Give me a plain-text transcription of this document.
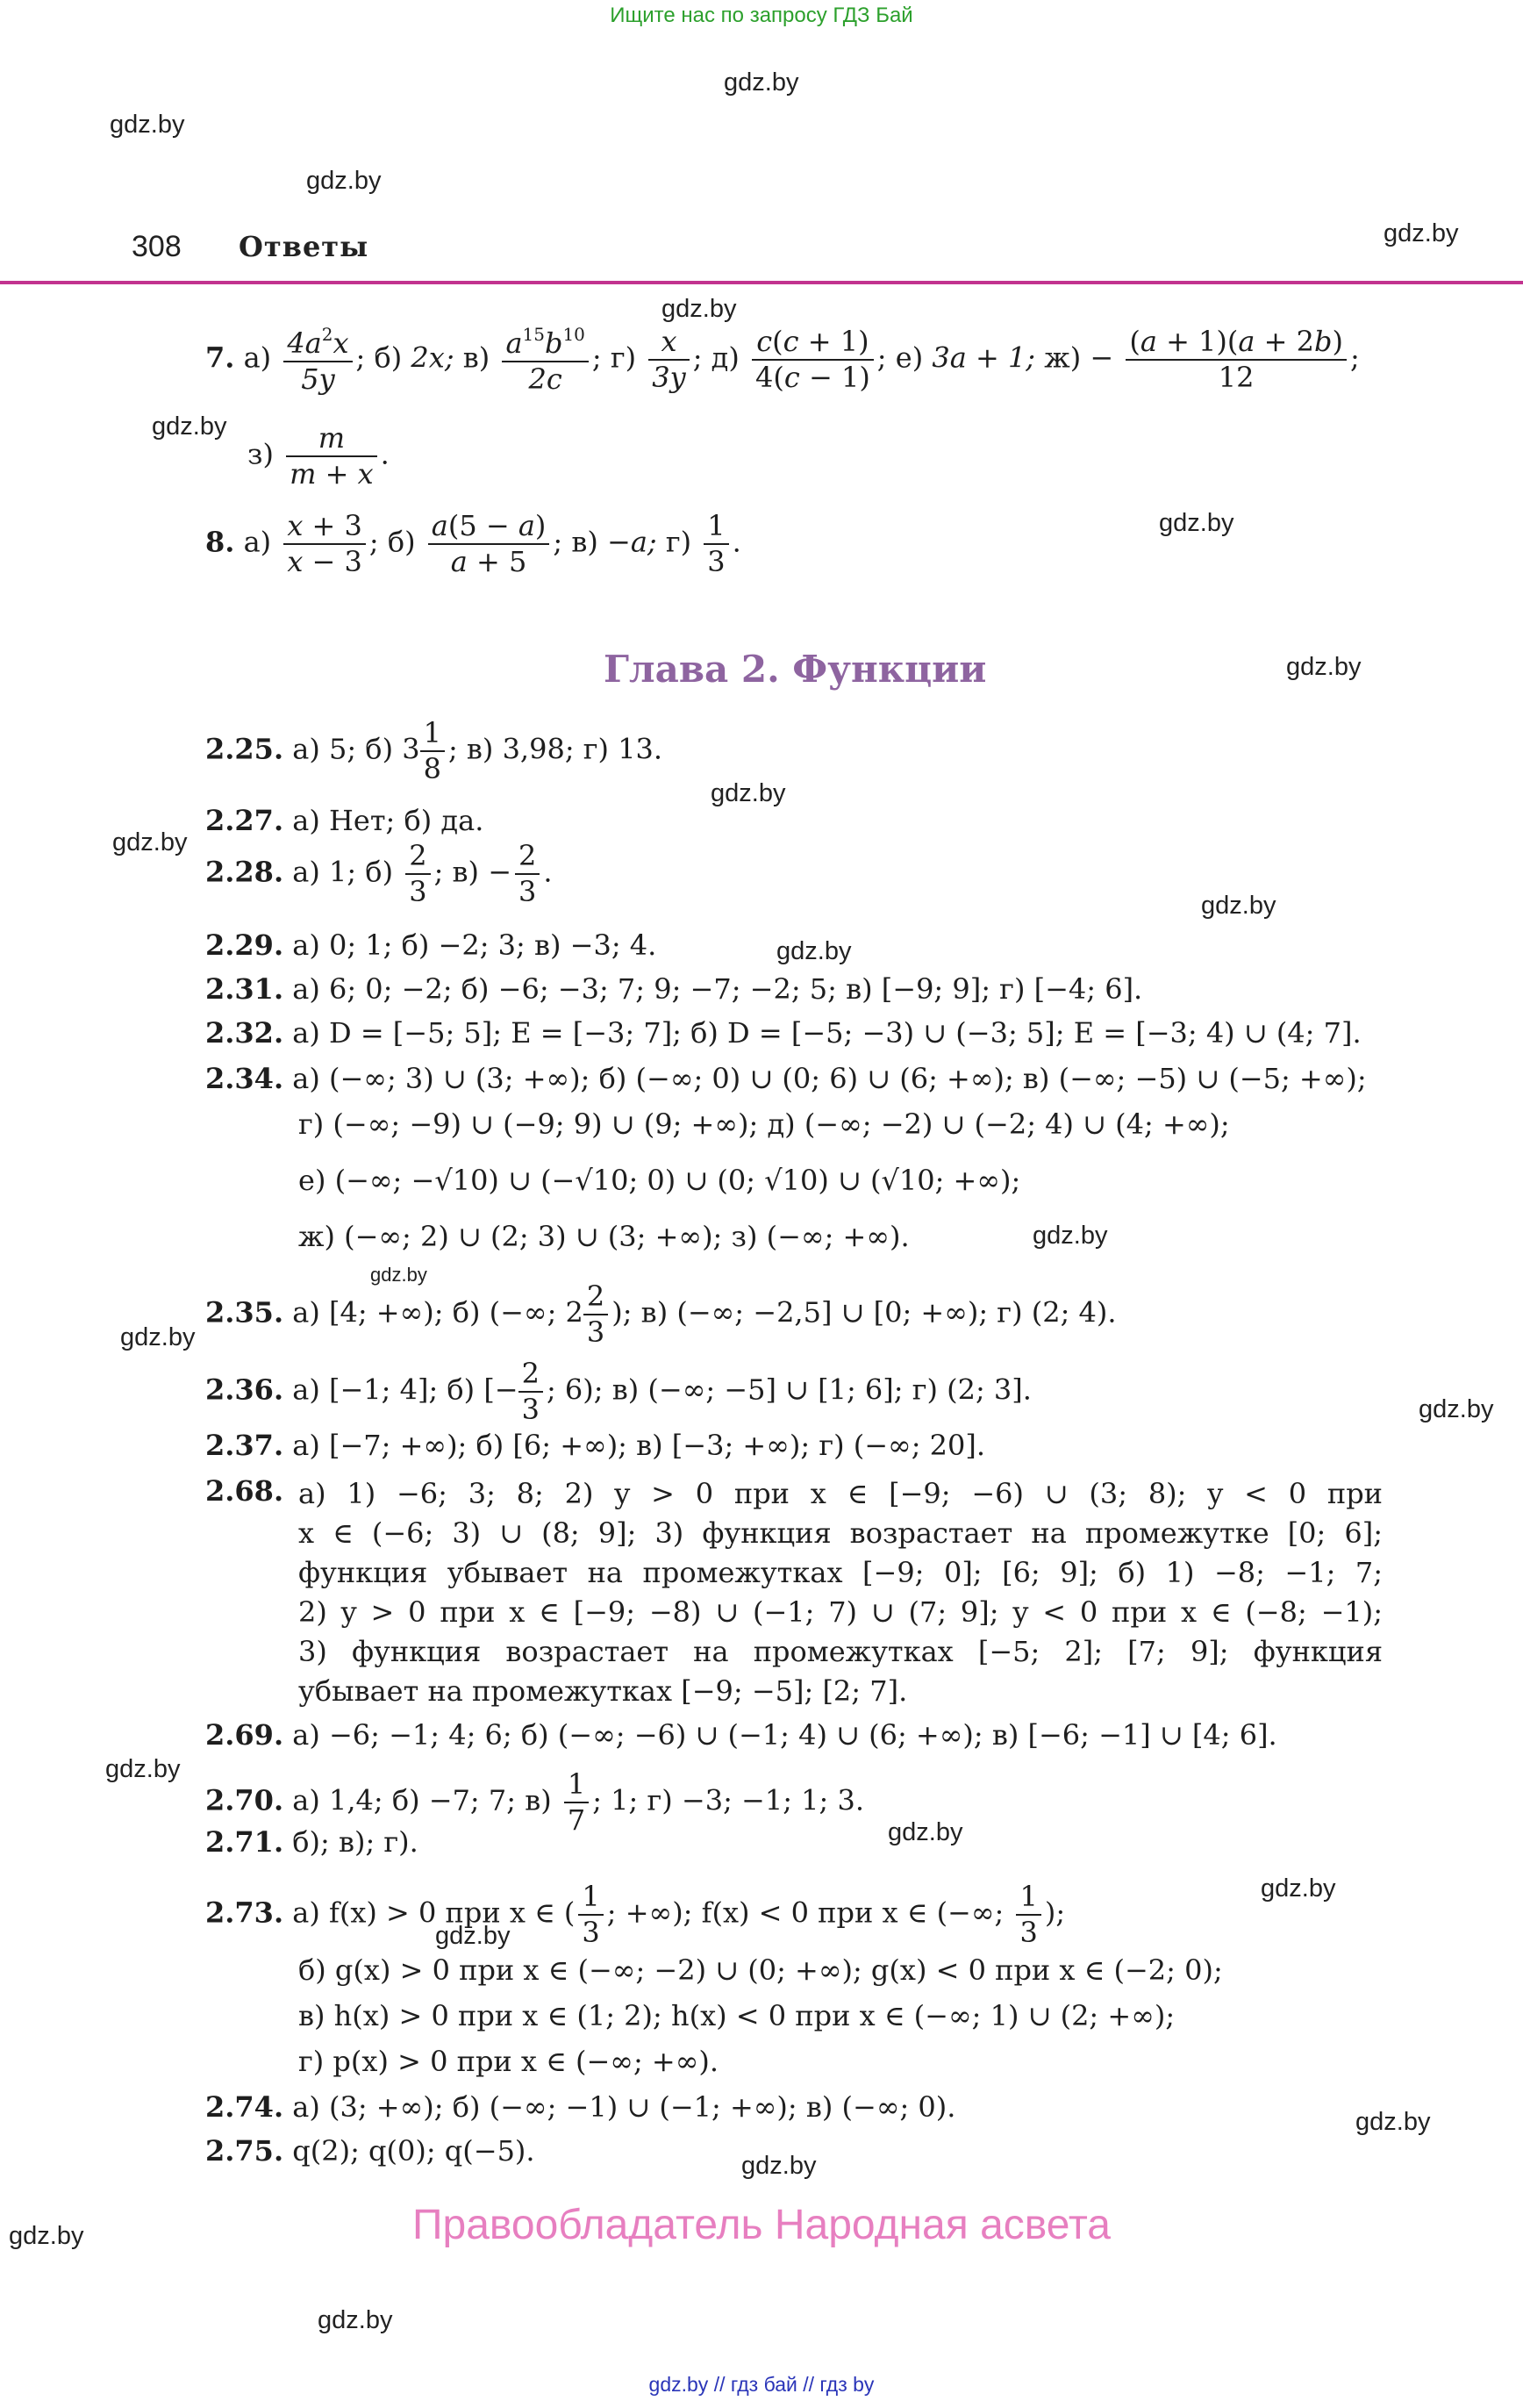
Ищите нас по запросу ГДЗ Бай
gdz.by
gdz.by
gdz.by
gdz.by
gdz.by
gdz.by
gdz.by
gdz.by
gdz.by
gdz.by
gdz.by
gdz.by
gdz.by
gdz.by
gdz.by
gdz.by
gdz.by
gdz.by
gdz.by
gdz.by
gdz.by
gdz.by
gdz.by
gdz.by
308 Ответы
7. $а) \frac{4a^2x}{5y}$ ; б) 2x; $в) \frac{a^{15}b^{10}}{2c}$ ; $г) \frac{x}{3y}$ ; $д) \frac{c(c + 1)}{4(c - 1)}$ ; е) 3a + 1; $ж) - \frac{(a + 1)(a + 2b)}{12}$ ;
$з) \frac{m}{m + x}$ .
8. $а) \frac{x + 3}{x - 3}$ ; $б) \frac{a(5 - a)}{a + 5}$ ; в) −a; $г) \frac{1}{3}$ .
Глава 2. Функции
2.25. а) 5; б) $3 \frac{1}{8}$ ; в) 3,98; г) 13.
2.27. а) Нет; б) да.
2.28. а) 1; $б) \frac{2}{3}$ ; $в) - \frac{2}{3}$ .
2.29. а) 0; 1; б) −2; 3; в) −3; 4.
2.31. а) 6; 0; −2; б) −6; −3; 7; 9; −7; −2; 5; в) [−9; 9]; г) [−4; 6].
2.32. а) D = [−5; 5]; E = [−3; 7]; б) D = [−5; −3) ∪ (−3; 5]; E = [−3; 4) ∪ (4; 7].
2.34. а) (−∞; 3) ∪ (3; +∞); б) (−∞; 0) ∪ (0; 6) ∪ (6; +∞); в) (−∞; −5) ∪ (−5; +∞);
г) (−∞; −9) ∪ (−9; 9) ∪ (9; +∞); д) (−∞; −2) ∪ (−2; 4) ∪ (4; +∞);
е) (−∞; −√10) ∪ (−√10; 0) ∪ (0; √10) ∪ (√10; +∞);
ж) (−∞; 2) ∪ (2; 3) ∪ (3; +∞); з) (−∞; +∞).
2.35. а) [4; +∞); б) (−∞; $2 \frac{2}{3}$ ); в) (−∞; −2,5] ∪ [0; +∞); г) (2; 4).
2.36. а) [−1; 4]; б) [− $\frac{2}{3}$ ; 6); в) (−∞; −5] ∪ [1; 6]; г) (2; 3].
2.37. а) [−7; +∞); б) [6; +∞); в) [−3; +∞); г) (−∞; 20].
2.68. а) 1) −6; 3; 8; 2) y > 0 при x ∈ [−9; −6) ∪ (3; 8); y < 0 при
x ∈ (−6; 3) ∪ (8; 9]; 3) функция возрастает на промежутке [0; 6];
функция убывает на промежутках [−9; 0]; [6; 9]; б) 1) −8; −1; 7;
2) y > 0 при x ∈ [−9; −8) ∪ (−1; 7) ∪ (7; 9]; y < 0 при x ∈ (−8; −1);
3) функция возрастает на промежутках [−5; 2]; [7; 9]; функция
убывает на промежутках [−9; −5]; [2; 7].
2.69. а) −6; −1; 4; 6; б) (−∞; −6) ∪ (−1; 4) ∪ (6; +∞); в) [−6; −1] ∪ [4; 6].
2.70. а) 1,4; б) −7; 7; $в) \frac{1}{7}$ ; 1; г) −3; −1; 1; 3.
2.71. б); в); г).
2.73. а) f(x) > 0 при x ∈ ( $\frac{1}{3}$ ; +∞); f(x) < 0 при x ∈ (−∞; $\frac{1}{3}$ );
б) g(x) > 0 при x ∈ (−∞; −2) ∪ (0; +∞); g(x) < 0 при x ∈ (−2; 0);
в) h(x) > 0 при x ∈ (1; 2); h(x) < 0 при x ∈ (−∞; 1) ∪ (2; +∞);
г) p(x) > 0 при x ∈ (−∞; +∞).
2.74. а) (3; +∞); б) (−∞; −1) ∪ (−1; +∞); в) (−∞; 0).
2.75. q(2); q(0); q(−5).
Правообладатель Народная асвета
gdz.by // гдз бай // гдз by
